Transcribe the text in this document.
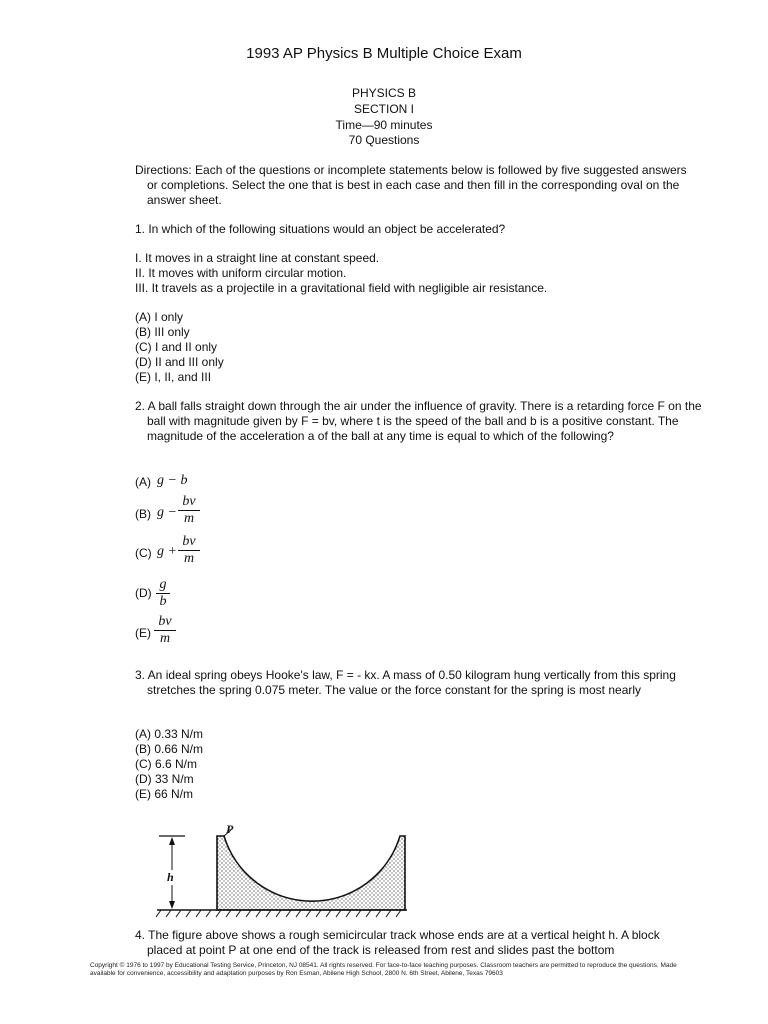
1993 AP Physics B Multiple Choice Exam
PHYSICS B
SECTION I
Time—90 minutes
70 Questions
Directions: Each of the questions or incomplete statements below is followed by five suggested answers or completions. Select the one that is best in each case and then fill in the corresponding oval on the answer sheet.
1. In which of the following situations would an object be accelerated?
I. It moves in a straight line at constant speed.
II. It moves with uniform circular motion.
III. It travels as a projectile in a gravitational field with negligible air resistance.
(A) I only
(B) III only
(C) I and II only
(D) II and III only
(E) I, II, and III
2. A ball falls straight down through the air under the influence of gravity. There is a retarding force F on the ball with magnitude given by F = bv, where t is the speed of the ball and b is a positive constant. The magnitude of the acceleration a of the ball at any time is equal to which of the following?
(A) g − b
(B) $g - \frac{bv}{m}$
(C) $g + \frac{bv}{m}$
$(D) \frac{g}{b}$
$(E) \frac{bv}{m}$
3. An ideal spring obeys Hooke's law, F = - kx. A mass of 0.50 kilogram hung vertically from this spring stretches the spring 0.075 meter. The value or the force constant for the spring is most nearly
(A) 0.33 N/m
(B) 0.66 N/m
(C) 6.6 N/m
(D) 33 N/m
(E) 66 N/m
P
h
4. The figure above shows a rough semicircular track whose ends are at a vertical height h. A block placed at point P at one end of the track is released from rest and slides past the bottom
Copyright © 1976 to 1997 by Educational Testing Service, Princeton, NJ 08541. All rights reserved. For face-to-face teaching purposes. Classroom teachers are permitted to reproduce the questions. Made available for convenience, accessibility and adaptation purposes by Ron Esman, Abilene High School, 2800 N. 6th Street, Abilene, Texas 79603
